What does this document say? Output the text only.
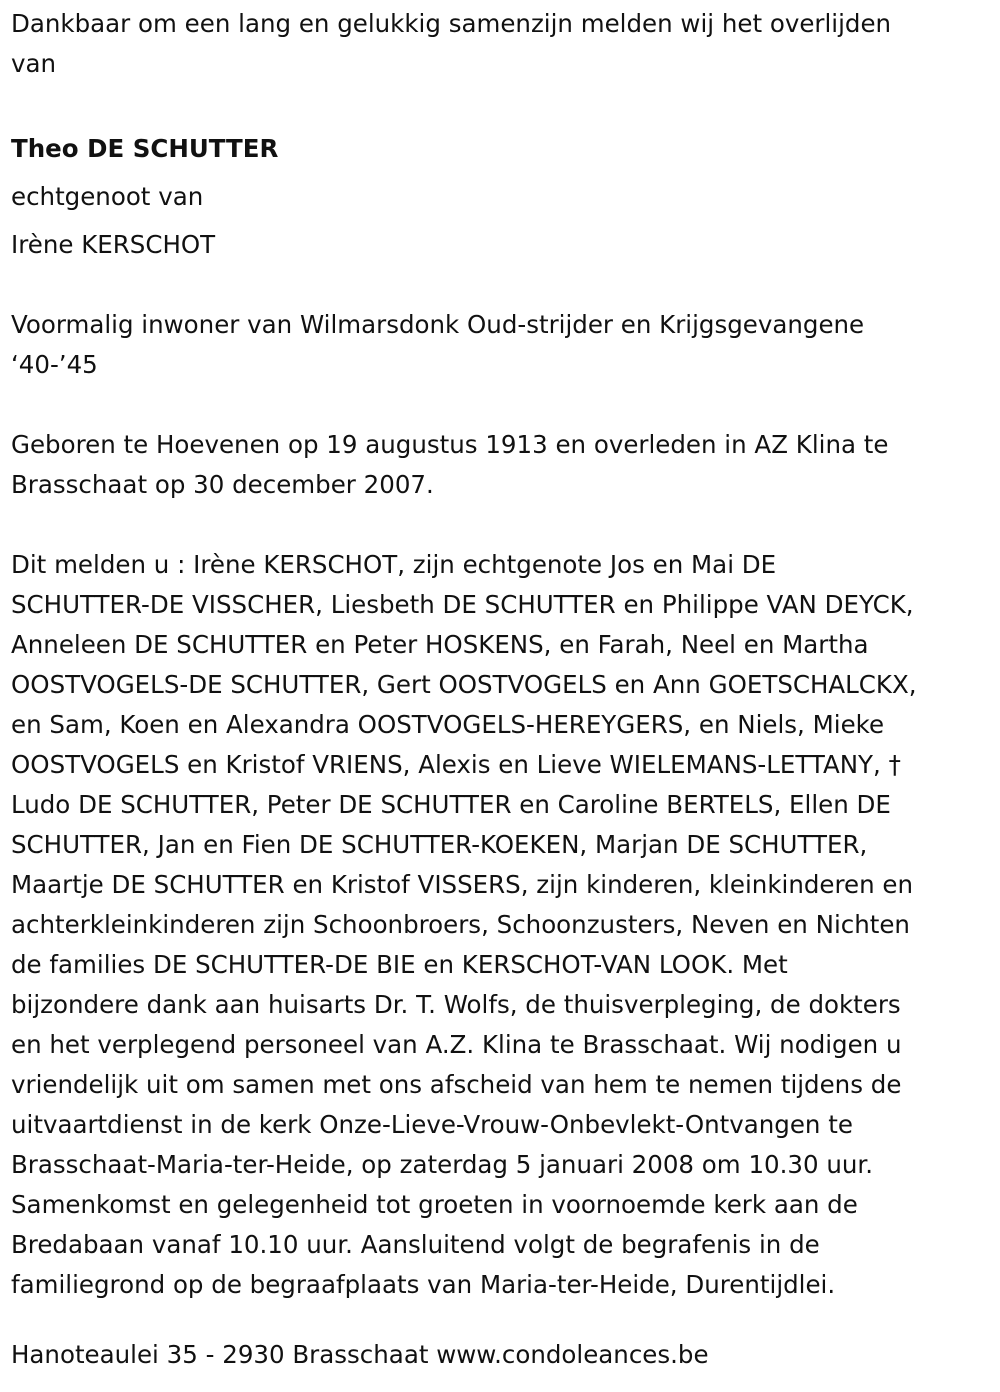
Dankbaar om een lang en gelukkig samenzijn melden wij het overlijden
van
Theo DE SCHUTTER
echtgenoot van
Irène KERSCHOT
Voormalig inwoner van Wilmarsdonk Oud-strijder en Krijgsgevangene
‘40-’45
Geboren te Hoevenen op 19 augustus 1913 en overleden in AZ Klina te
Brasschaat op 30 december 2007.
Dit melden u : Irène KERSCHOT, zijn echtgenote Jos en Mai DE
SCHUTTER-DE VISSCHER, Liesbeth DE SCHUTTER en Philippe VAN DEYCK,
Anneleen DE SCHUTTER en Peter HOSKENS, en Farah, Neel en Martha
OOSTVOGELS-DE SCHUTTER, Gert OOSTVOGELS en Ann GOETSCHALCKX,
en Sam, Koen en Alexandra OOSTVOGELS-HEREYGERS, en Niels, Mieke
OOSTVOGELS en Kristof VRIENS, Alexis en Lieve WIELEMANS-LETTANY, †
Ludo DE SCHUTTER, Peter DE SCHUTTER en Caroline BERTELS, Ellen DE
SCHUTTER, Jan en Fien DE SCHUTTER-KOEKEN, Marjan DE SCHUTTER,
Maartje DE SCHUTTER en Kristof VISSERS, zijn kinderen, kleinkinderen en
achterkleinkinderen zijn Schoonbroers, Schoonzusters, Neven en Nichten
de families DE SCHUTTER-DE BIE en KERSCHOT-VAN LOOK. Met
bijzondere dank aan huisarts Dr. T. Wolfs, de thuisverpleging, de dokters
en het verplegend personeel van A.Z. Klina te Brasschaat. Wij nodigen u
vriendelijk uit om samen met ons afscheid van hem te nemen tijdens de
uitvaartdienst in de kerk Onze-Lieve-Vrouw-Onbevlekt-Ontvangen te
Brasschaat-Maria-ter-Heide, op zaterdag 5 januari 2008 om 10.30 uur.
Samenkomst en gelegenheid tot groeten in voornoemde kerk aan de
Bredabaan vanaf 10.10 uur. Aansluitend volgt de begrafenis in de
familiegrond op de begraafplaats van Maria-ter-Heide, Durentijdlei.
Hanoteaulei 35 - 2930 Brasschaat www.condoleances.be
